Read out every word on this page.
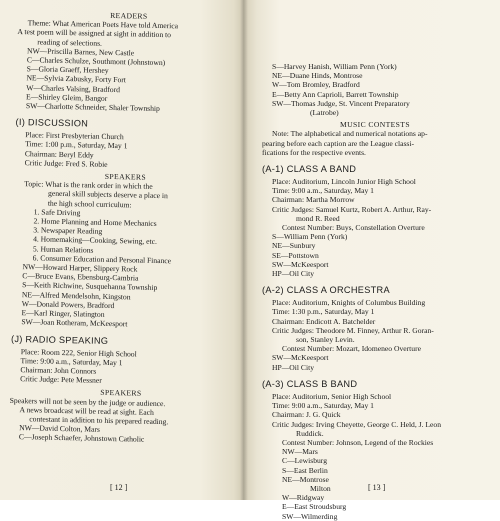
READERS
Theme: What American Poets Have told America
A test poem will be assigned at sight in addition to
reading of selections.
NW—Priscilla Barnes, New Castle
C—Charles Schulze, Southmont (Johnstown)
S—Gloria Graeff, Hershey
NE—Sylvia Zabusky, Forty Fort
W—Charles Valsing, Bradford
E—Shirley Gleim, Bangor
SW—Charlotte Schneider, Shaler Township
(I) DISCUSSION
Place: First Presbyterian Church
Time: 1:00 p.m., Saturday, May 1
Chairman: Beryl Eddy
Critic Judge: Fred S. Robie
SPEAKERS
Topic: What is the rank order in which the
general skill subjects deserve a place in
the high school curriculum:
1. Safe Driving
2. Home Planning and Home Mechanics
3. Newspaper Reading
4. Homemaking—Cooking, Sewing, etc.
5. Human Relations
6. Consumer Education and Personal Finance
NW—Howard Harper, Slippery Rock
C—Bruce Evans, Ebensburg-Cambria
S—Keith Richwine, Susquehanna Township
NE—Alfred Mendelsohn, Kingston
W—Donald Powers, Bradford
E—Karl Ringer, Slatington
SW—Joan Rotheram, McKeesport
(J) RADIO SPEAKING
Place: Room 222, Senior High School
Time: 9:00 a.m., Saturday, May 1
Chairman: John Connors
Critic Judge: Pete Messner
SPEAKERS
Speakers will not be seen by the judge or audience.
A news broadcast will be read at sight. Each
contestant in addition to his prepared reading.
NW—David Colton, Mars
C—Joseph Schaefer, Johnstown Catholic
[ 12 ]
S—Harvey Hanish, William Penn (York)
NE—Duane Hinds, Montrose
W—Tom Bromley, Bradford
E—Betty Ann Caprioli, Barrett Township
SW—Thomas Judge, St. Vincent Preparatory
(Latrobe)
MUSIC CONTESTS
Note: The alphabetical and numerical notations ap-
pearing before each caption are the League classi-
fications for the respective events.
(A-1) CLASS A BAND
Place: Auditorium, Lincoln Junior High School
Time: 9:00 a.m., Saturday, May 1
Chairman: Martha Morrow
Critic Judges: Samuel Kurtz, Robert A. Arthur, Ray-
mond R. Reed
Contest Number: Buys, Constellation Overture
S—William Penn (York)
NE—Sunbury
SE—Pottstown
SW—McKeesport
HP—Oil City
(A-2) CLASS A ORCHESTRA
Place: Auditorium, Knights of Columbus Building
Time: 1:30 p.m., Saturday, May 1
Chairman: Endicott A. Batchelder
Critic Judges: Theodore M. Finney, Arthur R. Goran-
son, Stanley Levin.
Contest Number: Mozart, Idomeneo Overture
SW—McKeesport
HP—Oil City
(A-3) CLASS B BAND
Place: Auditorium, Senior High School
Time: 9:00 a.m., Saturday, May 1
Chairman: J. G. Quick
Critic Judges: Irving Cheyette, George C. Held, J. Leon
Ruddick.
Contest Number: Johnson, Legend of the Rockies
NW—Mars
C—Lewisburg
S—East Berlin
NE—Montrose
Milton
W—Ridgway
E—East Stroudsburg
SW—Wilmerding
[ 13 ]
